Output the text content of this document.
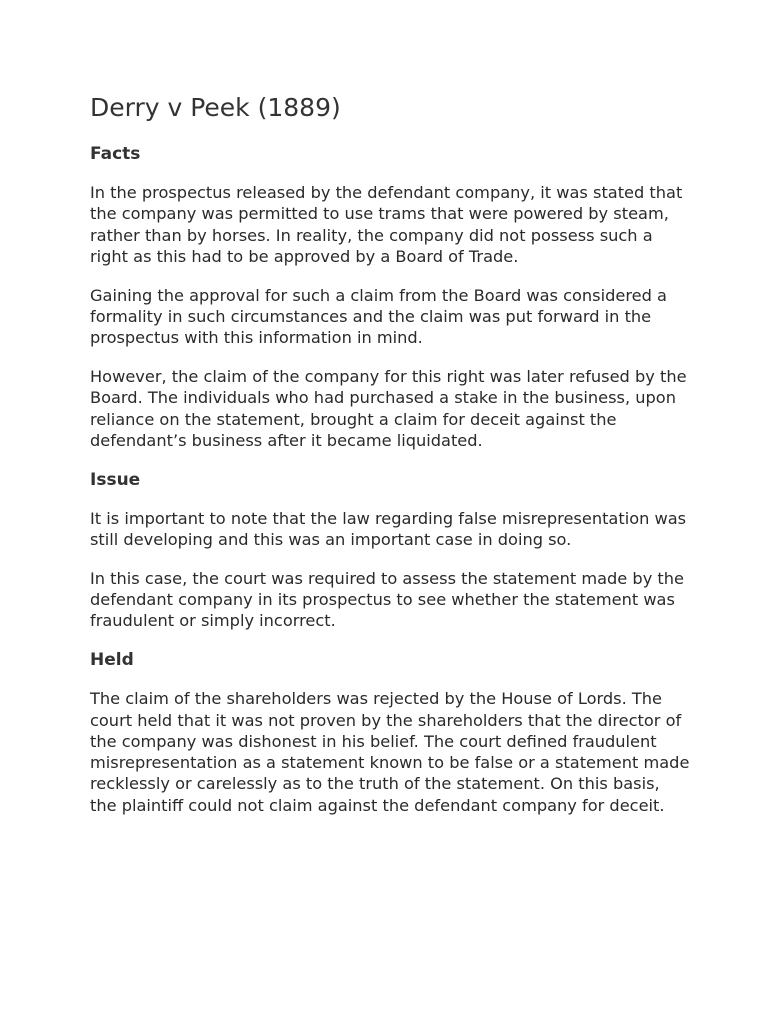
Derry v Peek (1889)
Facts

In the prospectus released by the defendant company, it was stated that the company was permitted to use trams that were powered by steam, rather than by horses. In reality, the company did not possess such a right as this had to be approved by a Board of Trade.

Gaining the approval for such a claim from the Board was considered a formality in such circumstances and the claim was put forward in the prospectus with this information in mind.

However, the claim of the company for this right was later refused by the Board. The individuals who had purchased a stake in the business, upon reliance on the statement, brought a claim for deceit against the defendant’s business after it became liquidated.

Issue

It is important to note that the law regarding false misrepresentation was still developing and this was an important case in doing so.

In this case, the court was required to assess the statement made by the defendant company in its prospectus to see whether the statement was fraudulent or simply incorrect.

Held

The claim of the shareholders was rejected by the House of Lords. The court held that it was not proven by the shareholders that the director of the company was dishonest in his belief. The court defined fraudulent misrepresentation as a statement known to be false or a statement made recklessly or carelessly as to the truth of the statement. On this basis, the plaintiff could not claim against the defendant company for deceit.
